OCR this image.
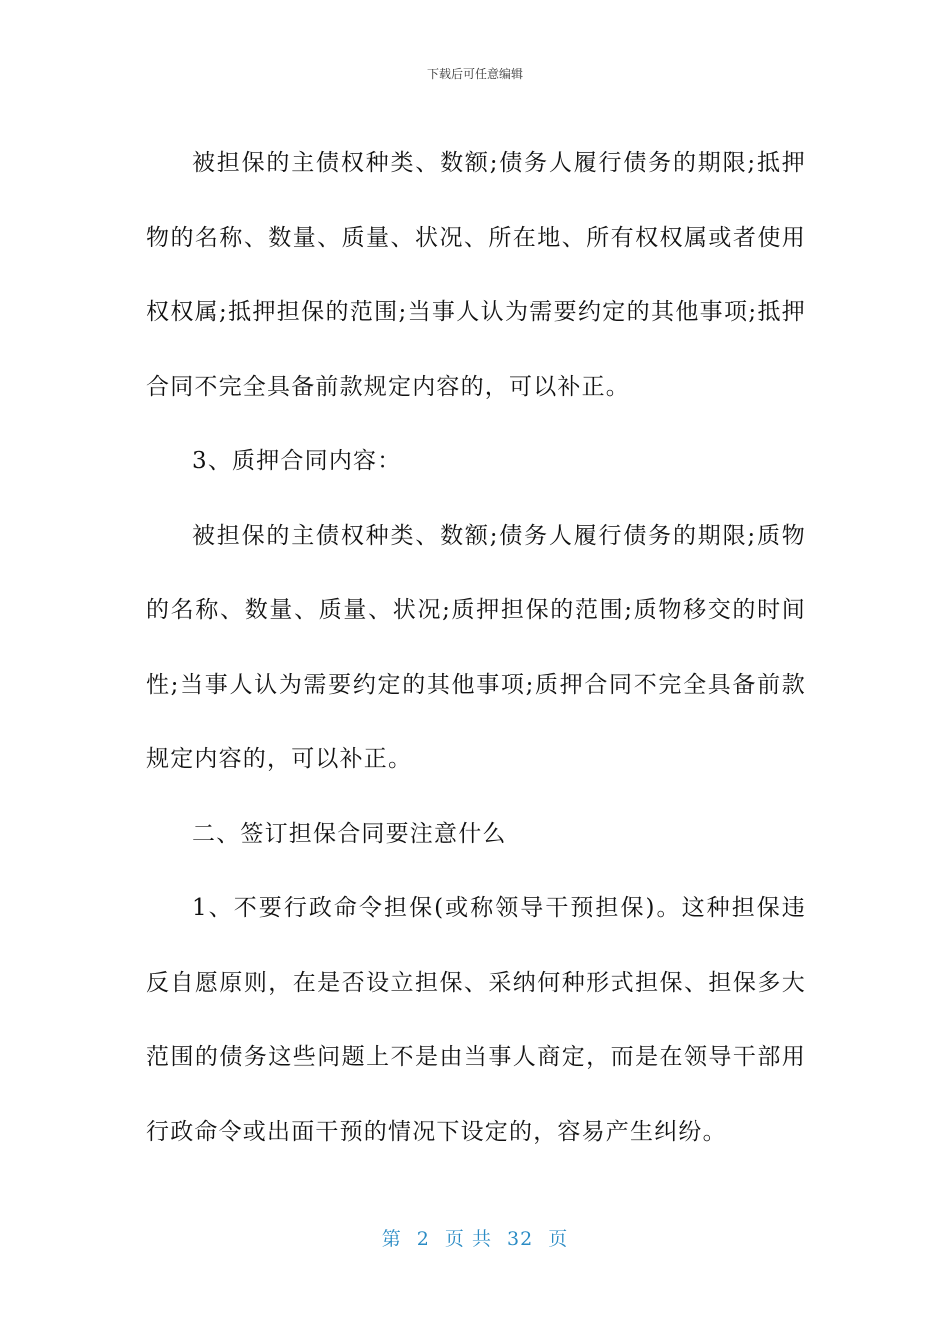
下载后可任意编辑

被担保的主债权种类、数额;债务人履行债务的期限;抵押物的名称、数量、质量、状况、所在地、所有权权属或者使用权权属;抵押担保的范围;当事人认为需要约定的其他事项;抵押合同不完全具备前款规定内容的，可以补正。

3、质押合同内容：

被担保的主债权种类、数额;债务人履行债务的期限;质物的名称、数量、质量、状况;质押担保的范围;质物移交的时间性;当事人认为需要约定的其他事项;质押合同不完全具备前款规定内容的，可以补正。

二、签订担保合同要注意什么

1、不要行政命令担保(或称领导干预担保)。这种担保违反自愿原则，在是否设立担保、采纳何种形式担保、担保多大范围的债务这些问题上不是由当事人商定，而是在领导干部用行政命令或出面干预的情况下设定的，容易产生纠纷。

第 2 页 共 32 页
